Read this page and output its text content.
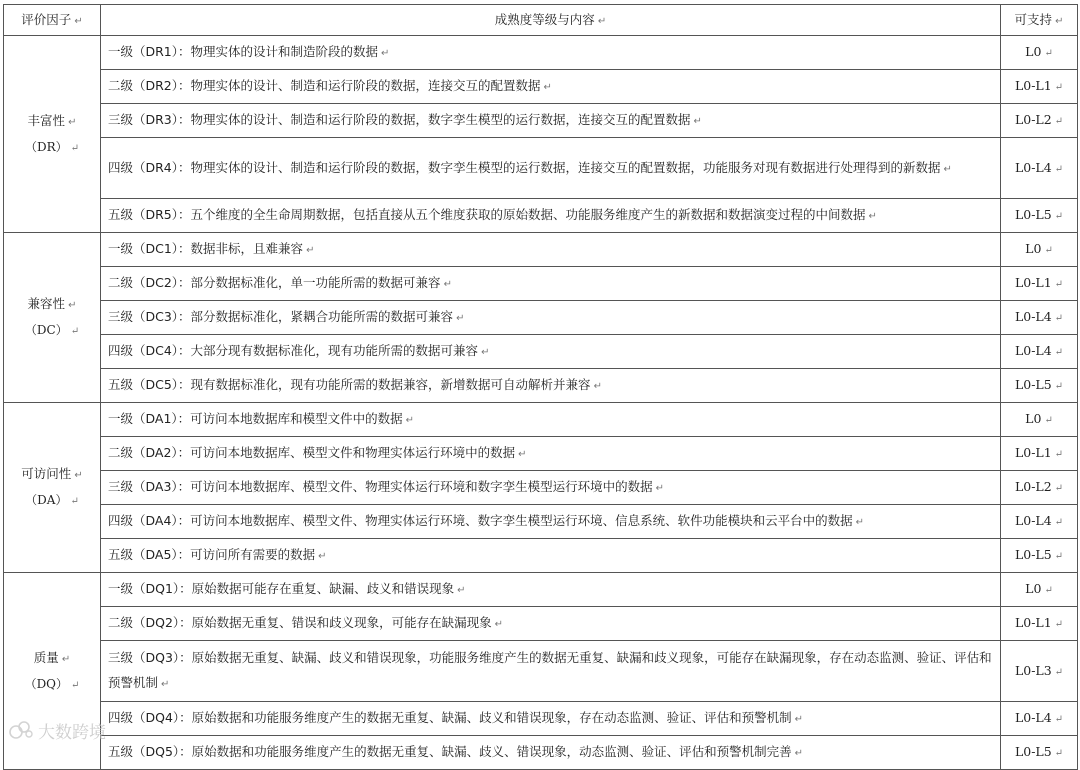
评价因子 ↵	成熟度等级与内容 ↵	可支持 ↵

丰富性 ↵
（DR） ↵	一级（DR1）：物理实体的设计和制造阶段的数据 ↵	L0 ↵
	二级（DR2）：物理实体的设计、制造和运行阶段的数据，连接交互的配置数据 ↵	L0-L1 ↵
	三级（DR3）：物理实体的设计、制造和运行阶段的数据，数字孪生模型的运行数据，连接交互的配置数据 ↵	L0-L2 ↵
	四级（DR4）：物理实体的设计、制造和运行阶段的数据，数字孪生模型的运行数据，连接交互的配置数据，功能服务对现有数据进行处理得到的新数据 ↵	L0-L4 ↵
	五级（DR5）：五个维度的全生命周期数据，包括直接从五个维度获取的原始数据、功能服务维度产生的新数据和数据演变过程的中间数据 ↵	L0-L5 ↵

兼容性 ↵
（DC） ↵	一级（DC1）：数据非标，且难兼容 ↵	L0 ↵
	二级（DC2）：部分数据标准化，单一功能所需的数据可兼容 ↵	L0-L1 ↵
	三级（DC3）：部分数据标准化，紧耦合功能所需的数据可兼容 ↵	L0-L4 ↵
	四级（DC4）：大部分现有数据标准化，现有功能所需的数据可兼容 ↵	L0-L4 ↵
	五级（DC5）：现有数据标准化，现有功能所需的数据兼容，新增数据可自动解析并兼容 ↵	L0-L5 ↵

可访问性 ↵
（DA） ↵	一级（DA1）：可访问本地数据库和模型文件中的数据 ↵	L0 ↵
	二级（DA2）：可访问本地数据库、模型文件和物理实体运行环境中的数据 ↵	L0-L1 ↵
	三级（DA3）：可访问本地数据库、模型文件、物理实体运行环境和数字孪生模型运行环境中的数据 ↵	L0-L2 ↵
	四级（DA4）：可访问本地数据库、模型文件、物理实体运行环境、数字孪生模型运行环境、信息系统、软件功能模块和云平台中的数据 ↵	L0-L4 ↵
	五级（DA5）：可访问所有需要的数据 ↵	L0-L5 ↵

质量 ↵
（DQ） ↵	一级（DQ1）：原始数据可能存在重复、缺漏、歧义和错误现象 ↵	L0 ↵
	二级（DQ2）：原始数据无重复、错误和歧义现象，可能存在缺漏现象 ↵	L0-L1 ↵
	三级（DQ3）：原始数据无重复、缺漏、歧义和错误现象，功能服务维度产生的数据无重复、缺漏和歧义现象，可能存在缺漏现象，存在动态监测、验证、评估和预警机制 ↵	L0-L3 ↵
	四级（DQ4）：原始数据和功能服务维度产生的数据无重复、缺漏、歧义和错误现象，存在动态监测、验证、评估和预警机制 ↵	L0-L4 ↵
	五级（DQ5）：原始数据和功能服务维度产生的数据无重复、缺漏、歧义、错误现象，动态监测、验证、评估和预警机制完善 ↵	L0-L5 ↵
大数跨境
